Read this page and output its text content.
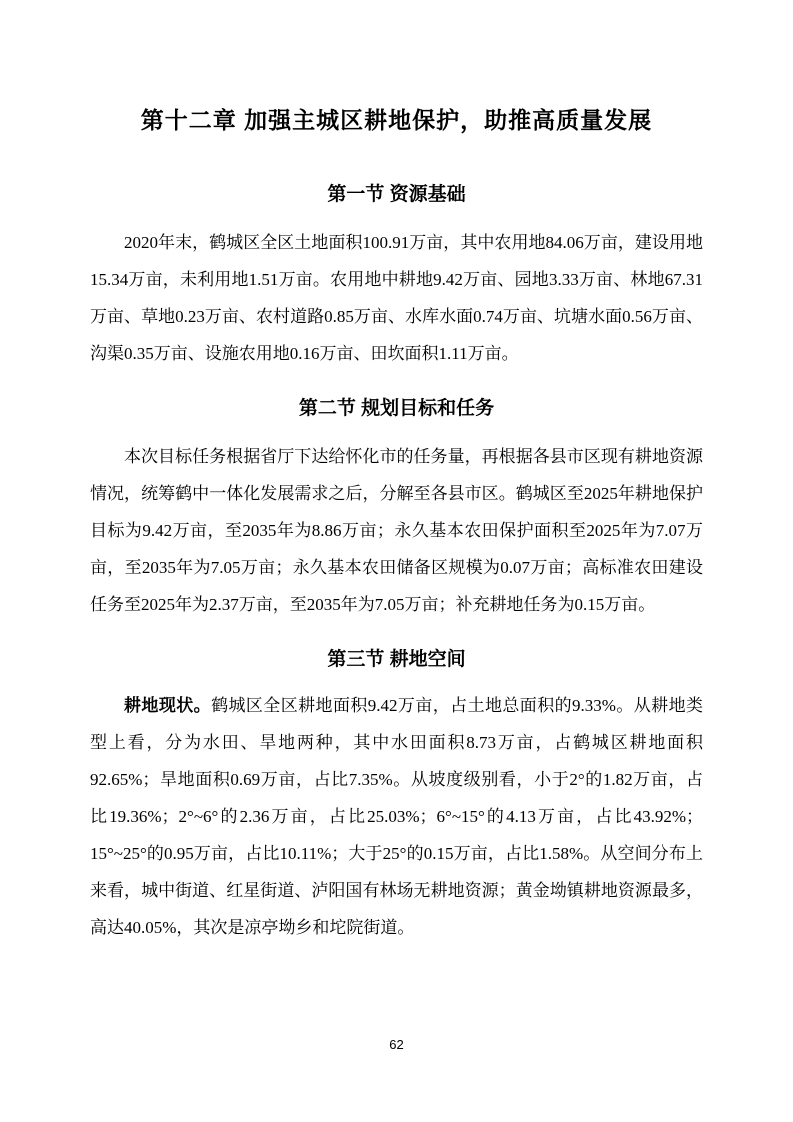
第十二章 加强主城区耕地保护，助推高质量发展
第一节 资源基础

2020年末，鹤城区全区土地面积100.91万亩，其中农用地84.06万亩，建设用地15.34万亩，未利用地1.51万亩。农用地中耕地9.42万亩、园地3.33万亩、林地67.31万亩、草地0.23万亩、农村道路0.85万亩、水库水面0.74万亩、坑塘水面0.56万亩、沟渠0.35万亩、设施农用地0.16万亩、田坎面积1.11万亩。

第二节 规划目标和任务

本次目标任务根据省厅下达给怀化市的任务量，再根据各县市区现有耕地资源情况，统筹鹤中一体化发展需求之后，分解至各县市区。鹤城区至2025年耕地保护目标为9.42万亩，至2035年为8.86万亩；永久基本农田保护面积至2025年为7.07万亩，至2035年为7.05万亩；永久基本农田储备区规模为0.07万亩；高标准农田建设任务至2025年为2.37万亩，至2035年为7.05万亩；补充耕地任务为0.15万亩。

第三节 耕地空间

耕地现状。鹤城区全区耕地面积9.42万亩，占土地总面积的9.33%。从耕地类型上看，分为水田、旱地两种，其中水田面积8.73万亩，占鹤城区耕地面积92.65%；旱地面积0.69万亩，占比7.35%。从坡度级别看，小于2°的1.82万亩，占比19.36%；2°~6°的2.36万亩，占比25.03%；6°~15°的4.13万亩，占比43.92%；15°~25°的0.95万亩，占比10.11%；大于25°的0.15万亩，占比1.58%。从空间分布上来看，城中街道、红星街道、泸阳国有林场无耕地资源；黄金坳镇耕地资源最多，高达40.05%，其次是凉亭坳乡和坨院街道。

62
